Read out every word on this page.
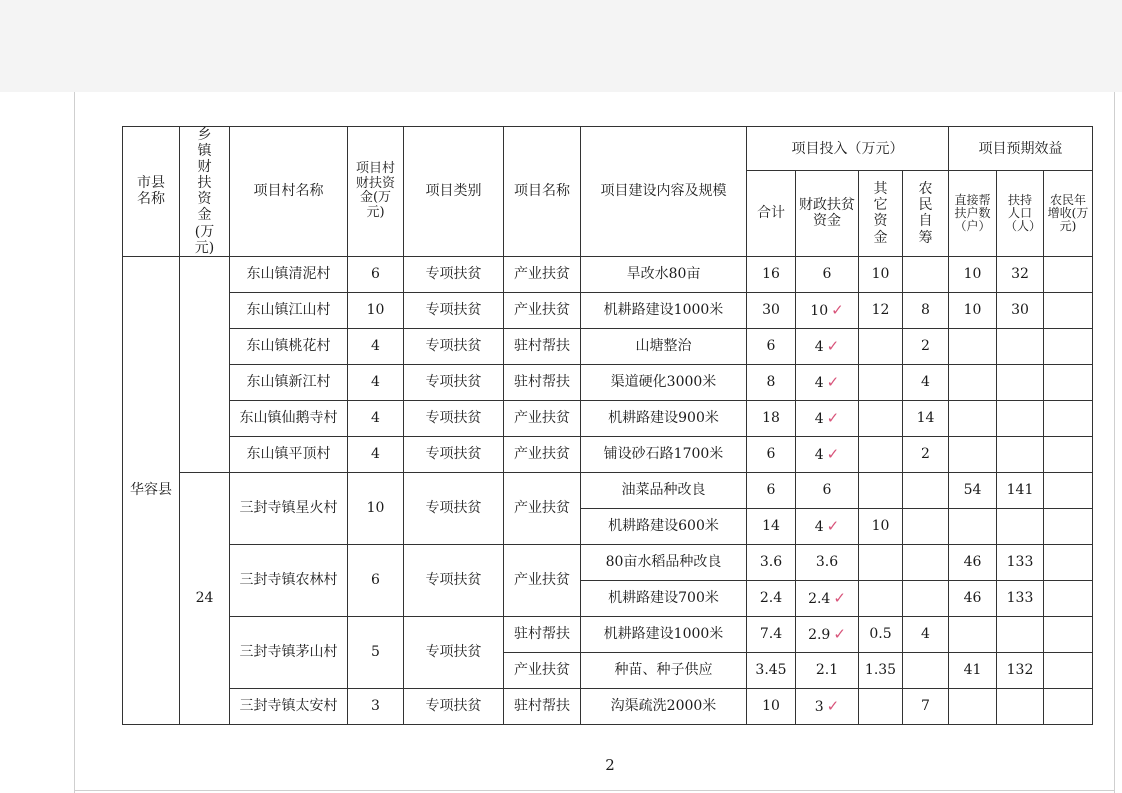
市县名称	乡镇财扶资金(万元)	项目村名称	项目村财扶资金(万元)	项目类别	项目名称	项目建设内容及规模	项目投入（万元）				项目预期效益		
							合计	财政扶贫资金	其它资金	农民自筹	直接帮扶户数（户）	扶持人口（人）	农民年增收(万元)
华容县		东山镇清泥村	6	专项扶贫	产业扶贫	旱改水80亩	16	6	10		10	32	
		东山镇江山村	10	专项扶贫	产业扶贫	机耕路建设1000米	30	10 ✓	12	8	10	30	
		东山镇桃花村	4	专项扶贫	驻村帮扶	山塘整治	6	4 ✓		2			
		东山镇新江村	4	专项扶贫	驻村帮扶	渠道硬化3000米	8	4 ✓		4			
		东山镇仙鹅寺村	4	专项扶贫	产业扶贫	机耕路建设900米	18	4 ✓		14			
		东山镇平顶村	4	专项扶贫	产业扶贫	铺设砂石路1700米	6	4 ✓		2			
	24	三封寺镇星火村	10	专项扶贫	产业扶贫	油菜品种改良	6	6			54	141	
						机耕路建设600米	14	4 ✓	10				
		三封寺镇农林村	6	专项扶贫	产业扶贫	80亩水稻品种改良	3.6	3.6			46	133	
						机耕路建设700米	2.4	2.4 ✓			46	133	
		三封寺镇茅山村	5	专项扶贫	驻村帮扶	机耕路建设1000米	7.4	2.9 ✓	0.5	4			
					产业扶贫	种苗、种子供应	3.45	2.1	1.35		41	132	
		三封寺镇太安村	3	专项扶贫	驻村帮扶	沟渠疏洗2000米	10	3 ✓		7			
2
